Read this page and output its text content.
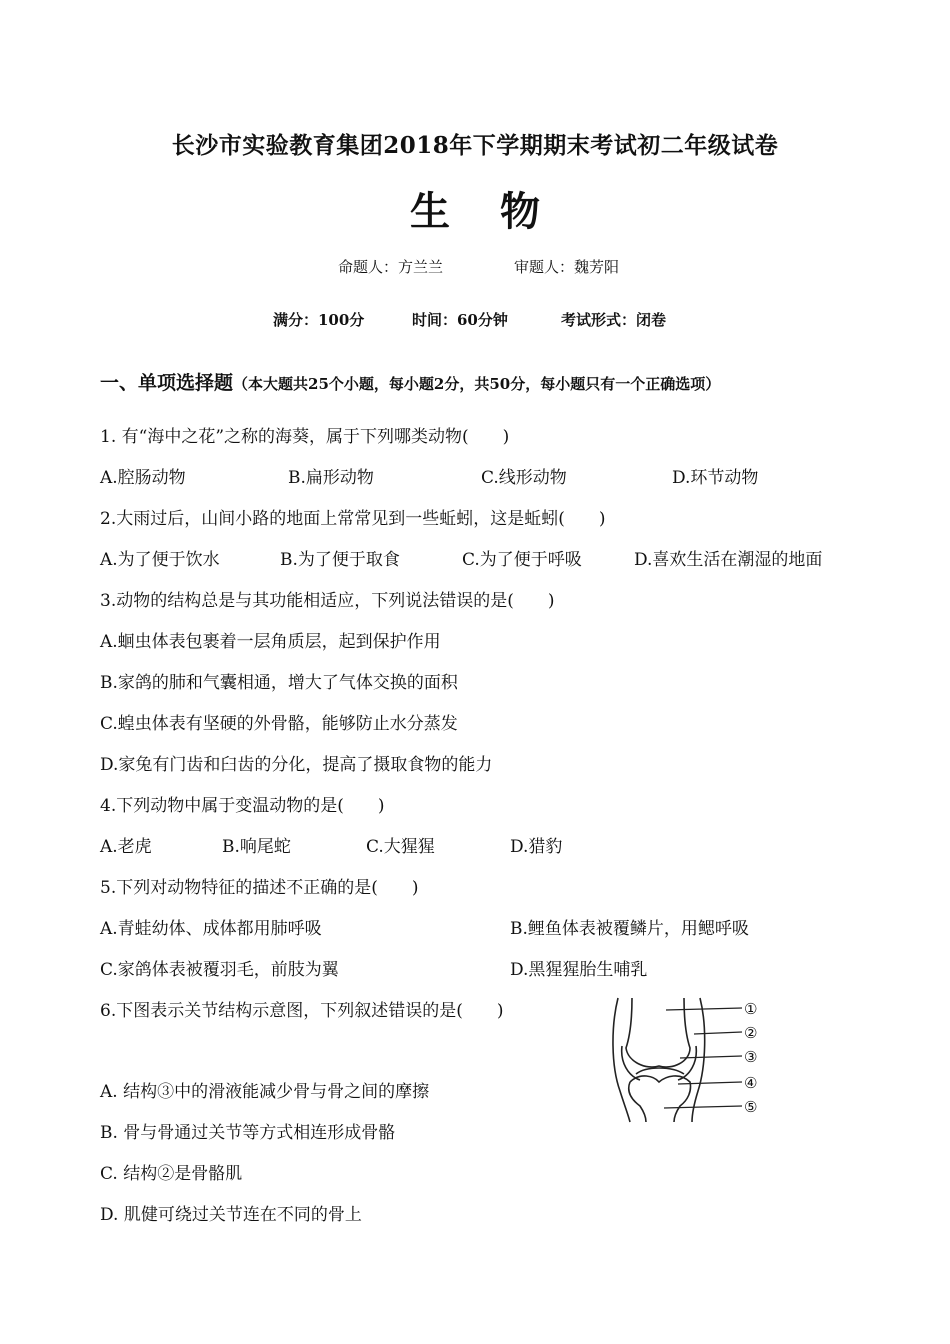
长沙市实验教育集团2018年下学期期末考试初二年级试卷
生物
命题人：方兰兰	审题人：魏芳阳
满分：100分	时间：60分钟	考试形式：闭卷
一、单项选择题（本大题共25个小题，每小题2分，共50分，每小题只有一个正确选项）
1. 有“海中之花”之称的海葵，属于下列哪类动物(　　)
A.腔肠动物	B.扁形动物	C.线形动物	D.环节动物
2.大雨过后，山间小路的地面上常常见到一些蚯蚓，这是蚯蚓(　　)
A.为了便于饮水	B.为了便于取食	C.为了便于呼吸	D.喜欢生活在潮湿的地面
3.动物的结构总是与其功能相适应，下列说法错误的是(　　)
A.蛔虫体表包裹着一层角质层，起到保护作用
B.家鸽的肺和气囊相通，增大了气体交换的面积
C.蝗虫体表有坚硬的外骨骼，能够防止水分蒸发
D.家兔有门齿和臼齿的分化，提高了摄取食物的能力
4.下列动物中属于变温动物的是(　　)
A.老虎	B.响尾蛇	C.大猩猩	D.猎豹
5.下列对动物特征的描述不正确的是(　　)
A.青蛙幼体、成体都用肺呼吸	B.鲤鱼体表被覆鳞片，用鳃呼吸
C.家鸽体表被覆羽毛，前肢为翼	D.黑猩猩胎生哺乳
6.下图表示关节结构示意图，下列叙述错误的是(　　)
A. 结构③中的滑液能减少骨与骨之间的摩擦
B. 骨与骨通过关节等方式相连形成骨骼
C. 结构②是骨骼肌
D. 肌健可绕过关节连在不同的骨上
①
②
③
④
⑤
